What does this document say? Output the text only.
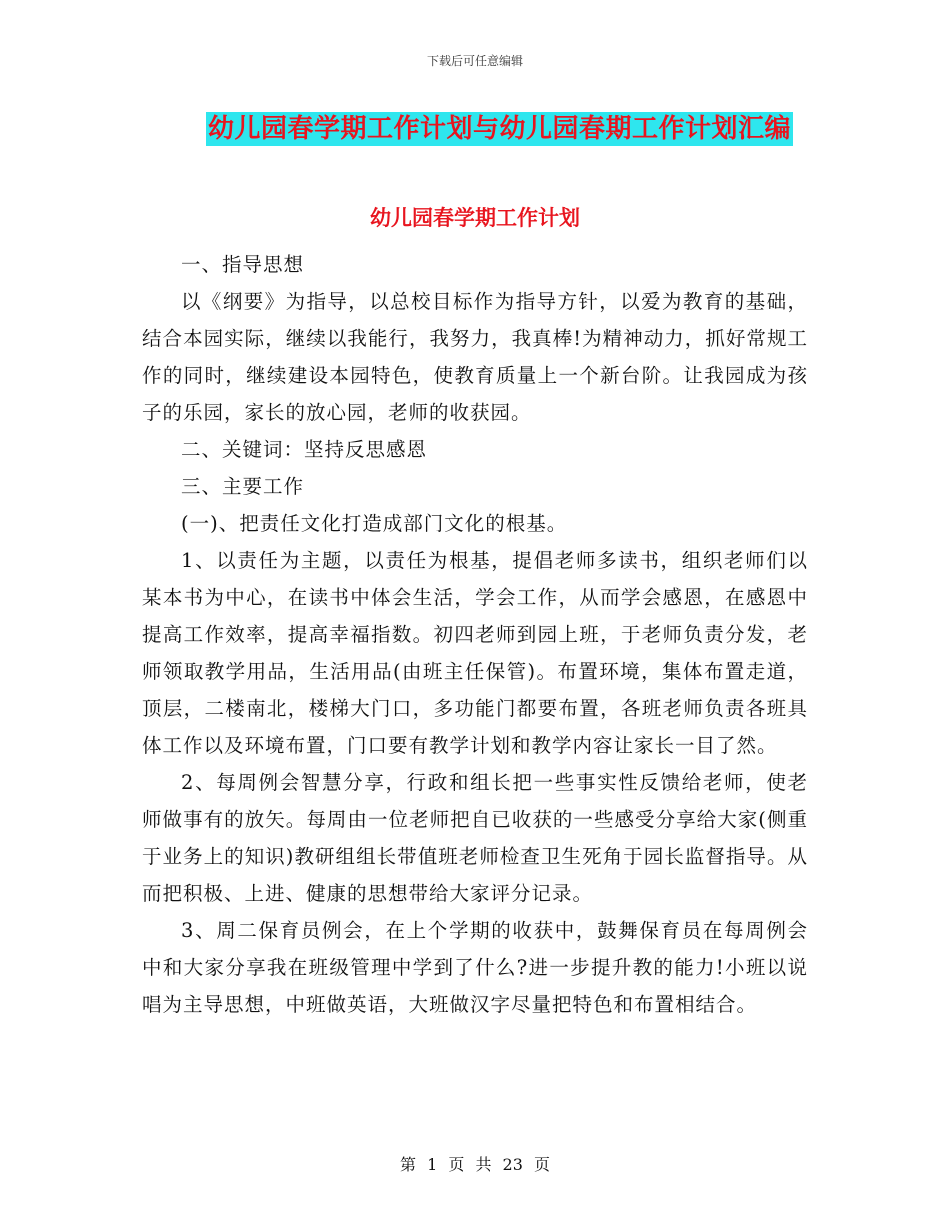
下载后可任意编辑
幼儿园春学期工作计划与幼儿园春期工作计划汇编
幼儿园春学期工作计划

一、指导思想

以《纲要》为指导，以总校目标作为指导方针，以爱为教育的基础，结合本园实际，继续以我能行，我努力，我真棒!为精神动力，抓好常规工作的同时，继续建设本园特色，使教育质量上一个新台阶。让我园成为孩子的乐园，家长的放心园，老师的收获园。

二、关键词：坚持反思感恩

三、主要工作

(一)、把责任文化打造成部门文化的根基。

1、以责任为主题，以责任为根基，提倡老师多读书，组织老师们以某本书为中心，在读书中体会生活，学会工作，从而学会感恩，在感恩中提高工作效率，提高幸福指数。初四老师到园上班，于老师负责分发，老师领取教学用品，生活用品(由班主任保管)。布置环境，集体布置走道，顶层，二楼南北，楼梯大门口，多功能门都要布置，各班老师负责各班具体工作以及环境布置，门口要有教学计划和教学内容让家长一目了然。

2、每周例会智慧分享，行政和组长把一些事实性反馈给老师，使老师做事有的放矢。每周由一位老师把自已收获的一些感受分享给大家(侧重于业务上的知识)教研组组长带值班老师检查卫生死角于园长监督指导。从而把积极、上进、健康的思想带给大家评分记录。

3、周二保育员例会，在上个学期的收获中，鼓舞保育员在每周例会中和大家分享我在班级管理中学到了什么?进一步提升教的能力!小班以说唱为主导思想，中班做英语，大班做汉字尽量把特色和布置相结合。

第 1 页 共 23 页
